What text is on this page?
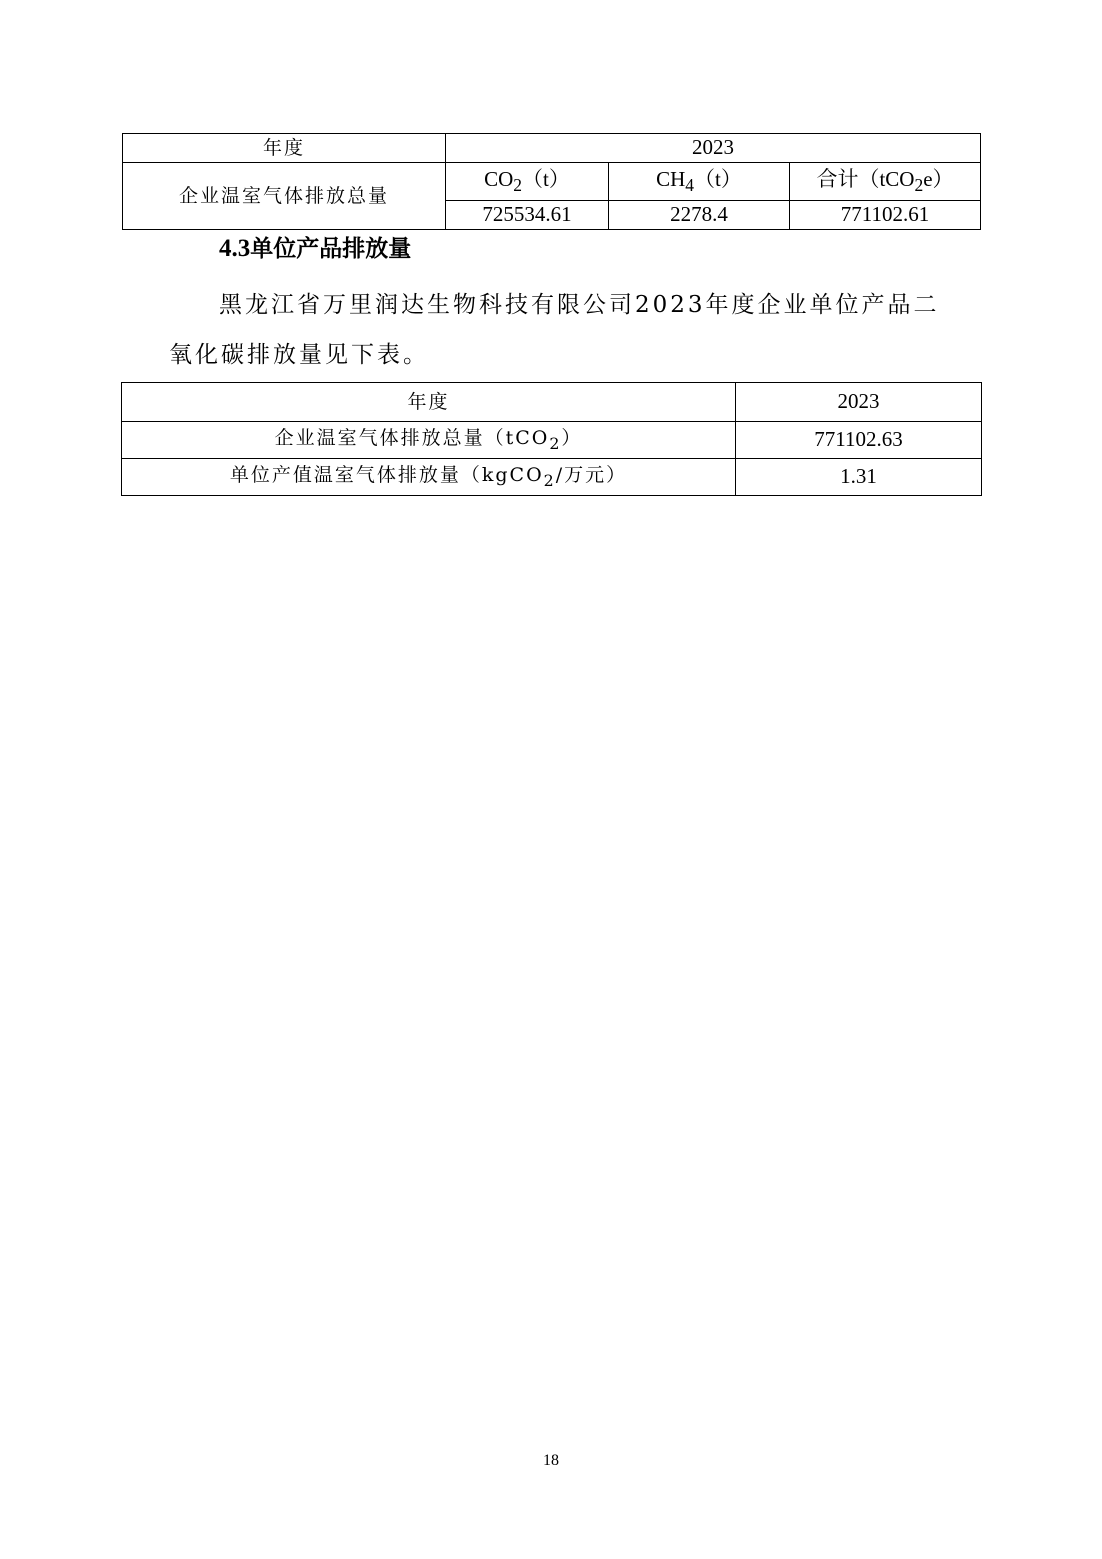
年度	2023		
企业温室气体排放总量	$CO_2(t)$	$CH_4(t)$	合计（tCO$_2$e）
	725534.61	2278.4	771102.61
4.3单位产品排放量
黑龙江省万里润达生物科技有限公司2023年度企业单位产品二氧化碳排放量见下表。
年度	2023
企业温室气体排放总量（tCO$_2$）	771102.63
单位产值温室气体排放量（kgCO$_2$/万元）	1.31
18
